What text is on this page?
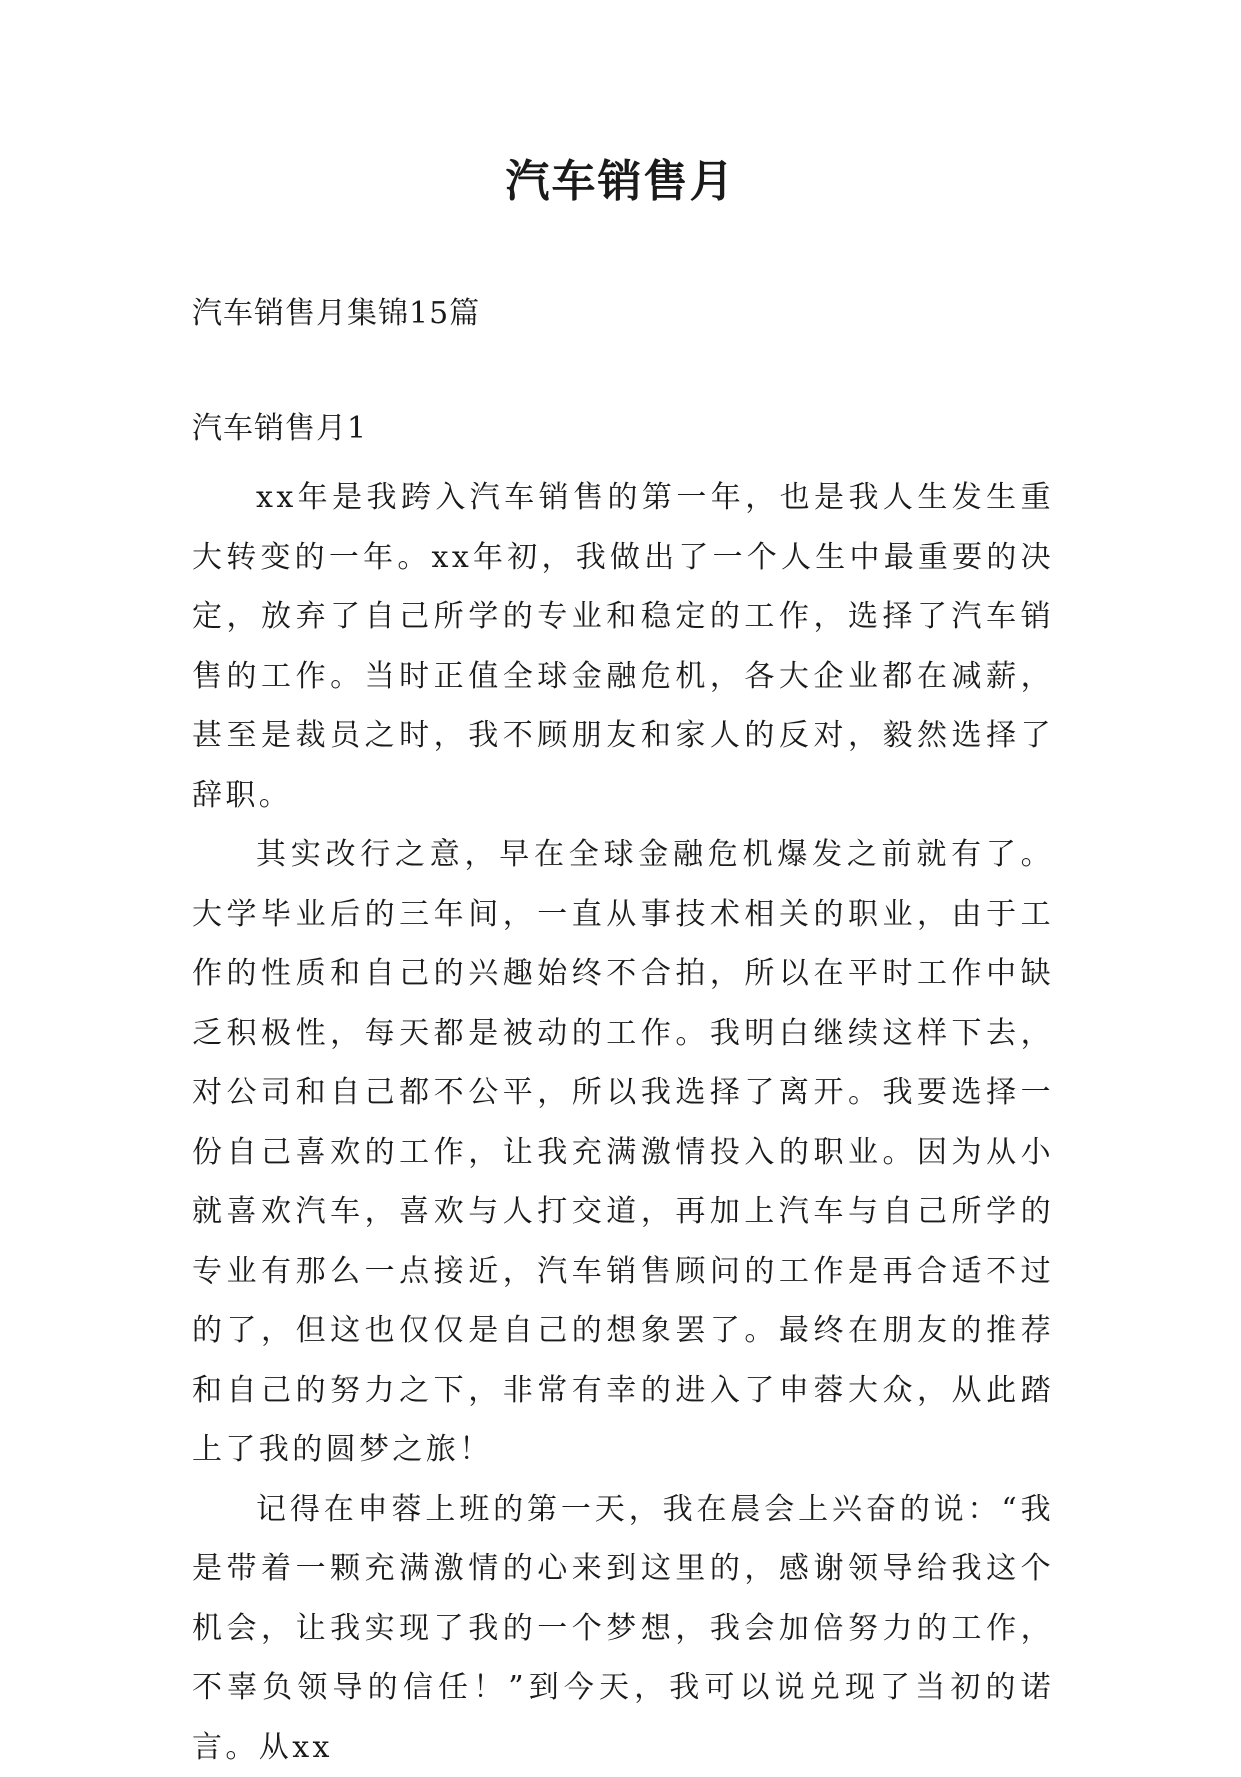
汽车销售月

汽车销售月集锦15篇

汽车销售月1

xx年是我跨入汽车销售的第一年，也是我人生发生重大转变的一年。xx年初，我做出了一个人生中最重要的决定，放弃了自己所学的专业和稳定的工作，选择了汽车销售的工作。当时正值全球金融危机，各大企业都在减薪，甚至是裁员之时，我不顾朋友和家人的反对，毅然选择了辞职。

其实改行之意，早在全球金融危机爆发之前就有了。大学毕业后的三年间，一直从事技术相关的职业，由于工作的性质和自己的兴趣始终不合拍，所以在平时工作中缺乏积极性，每天都是被动的工作。我明白继续这样下去，对公司和自己都不公平，所以我选择了离开。我要选择一份自己喜欢的工作，让我充满激情投入的职业。因为从小就喜欢汽车，喜欢与人打交道，再加上汽车与自己所学的专业有那么一点接近，汽车销售顾问的工作是再合适不过的了，但这也仅仅是自己的想象罢了。最终在朋友的推荐和自己的努力之下，非常有幸的进入了申蓉大众，从此踏上了我的圆梦之旅！

记得在申蓉上班的第一天，我在晨会上兴奋的说：“我是带着一颗充满激情的心来到这里的，感谢领导给我这个机会，让我实现了我的一个梦想，我会加倍努力的工作，不辜负领导的信任！”到今天，我可以说兑现了当初的诺言。从xx
